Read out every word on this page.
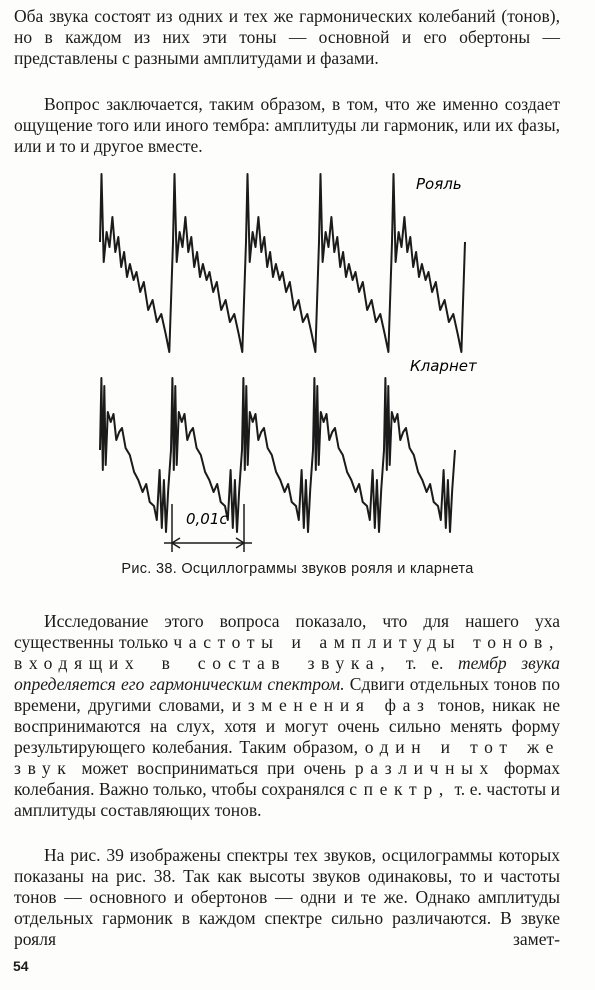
Оба звука состоят из одних и тех же гармонических колебаний (тонов), но в каждом из них эти тоны — основной и его обертоны — представлены с разными амплитудами и фазами.
Вопрос заключается, таким образом, в том, что же именно создает ощущение того или иного тембра: амплитуды ли гармоник, или их фазы, или и то и другое вместе.
Рояль
Кларнет
0,01с
Рис. 38. Осциллограммы звуков рояля и кларнета
Исследование этого вопроса показало, что для нашего уха существенны только частоты и амплитуды тонов, входящих в состав звука, т. е. тембр звука определяется его гармоническим спектром. Сдвиги отдельных тонов по времени, другими словами, изменения фаз тонов, никак не воспринимаются на слух, хотя и могут очень сильно менять форму результирующего колебания. Таким образом, один и тот же звук может восприниматься при очень различных формах колебания. Важно только, чтобы сохранялся спектр, т. е. частоты и амплитуды составляющих тонов.
На рис. 39 изображены спектры тех звуков, осцилограммы которых показаны на рис. 38. Так как высоты звуков одинаковы, то и частоты тонов — основного и обертонов — одни и те же. Однако амплитуды отдельных гармоник в каждом спектре сильно различаются. В звуке рояля замет-
54
